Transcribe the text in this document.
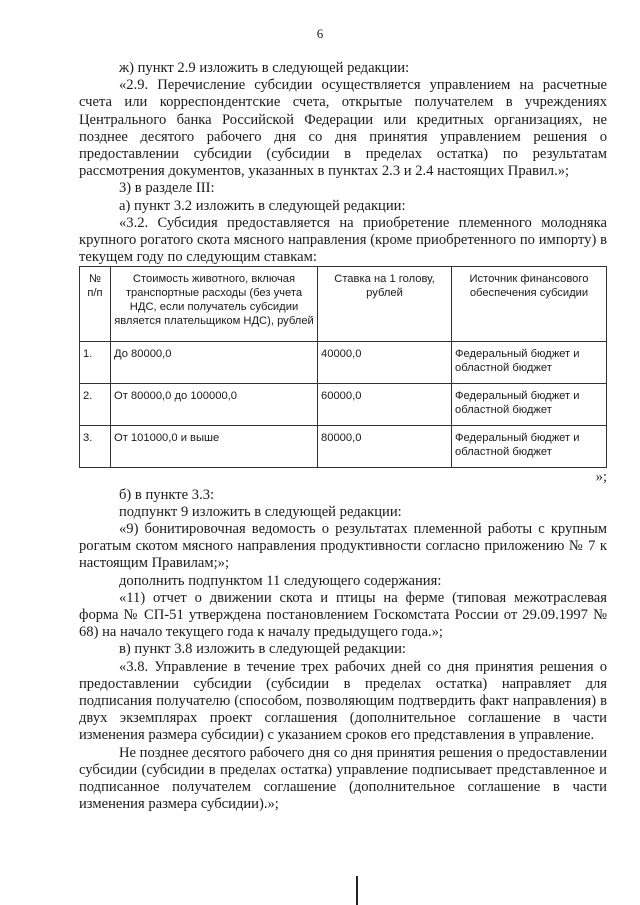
6

ж) пункт 2.9 изложить в следующей редакции:

«2.9. Перечисление субсидии осуществляется управлением на расчетные счета или корреспондентские счета, открытые получателем в учреждениях Центрального банка Российской Федерации или кредитных организациях, не позднее десятого рабочего дня со дня принятия управлением решения о предоставлении субсидии (субсидии в пределах остатка) по результатам рассмотрения документов, указанных в пунктах 2.3 и 2.4 настоящих Правил.»;

3) в разделе III:

а) пункт 3.2 изложить в следующей редакции:

«3.2. Субсидия предоставляется на приобретение племенного молодняка крупного рогатого скота мясного направления (кроме приобретенного по импорту) в текущем году по следующим ставкам:

№ п/п	Стоимость животного, включая транспортные расходы (без учета НДС, если получатель субсидии является плательщиком НДС), рублей	Ставка на 1 голову, рублей	Источник финансового обеспечения субсидии
1.	До 80000,0	40000,0	Федеральный бюджет и областной бюджет
2.	От 80000,0 до 100000,0	60000,0	Федеральный бюджет и областной бюджет
3.	От 101000,0 и выше	80000,0	Федеральный бюджет и областной бюджет

»;

б) в пункте 3.3:

подпункт 9 изложить в следующей редакции:

«9) бонитировочная ведомость о результатах племенной работы с крупным рогатым скотом мясного направления продуктивности согласно приложению № 7 к настоящим Правилам;»;

дополнить подпунктом 11 следующего содержания:

«11) отчет о движении скота и птицы на ферме (типовая межотраслевая форма № СП-51 утверждена постановлением Госкомстата России от 29.09.1997 № 68) на начало текущего года к началу предыдущего года.»;

в) пункт 3.8 изложить в следующей редакции:

«3.8. Управление в течение трех рабочих дней со дня принятия решения о предоставлении субсидии (субсидии в пределах остатка) направляет для подписания получателю (способом, позволяющим подтвердить факт направления) в двух экземплярах проект соглашения (дополнительное соглашение в части изменения размера субсидии) с указанием сроков его представления в управление.

Не позднее десятого рабочего дня со дня принятия решения о предоставлении субсидии (субсидии в пределах остатка) управление подписывает представленное и подписанное получателем соглашение (дополнительное соглашение в части изменения размера субсидии).»;
